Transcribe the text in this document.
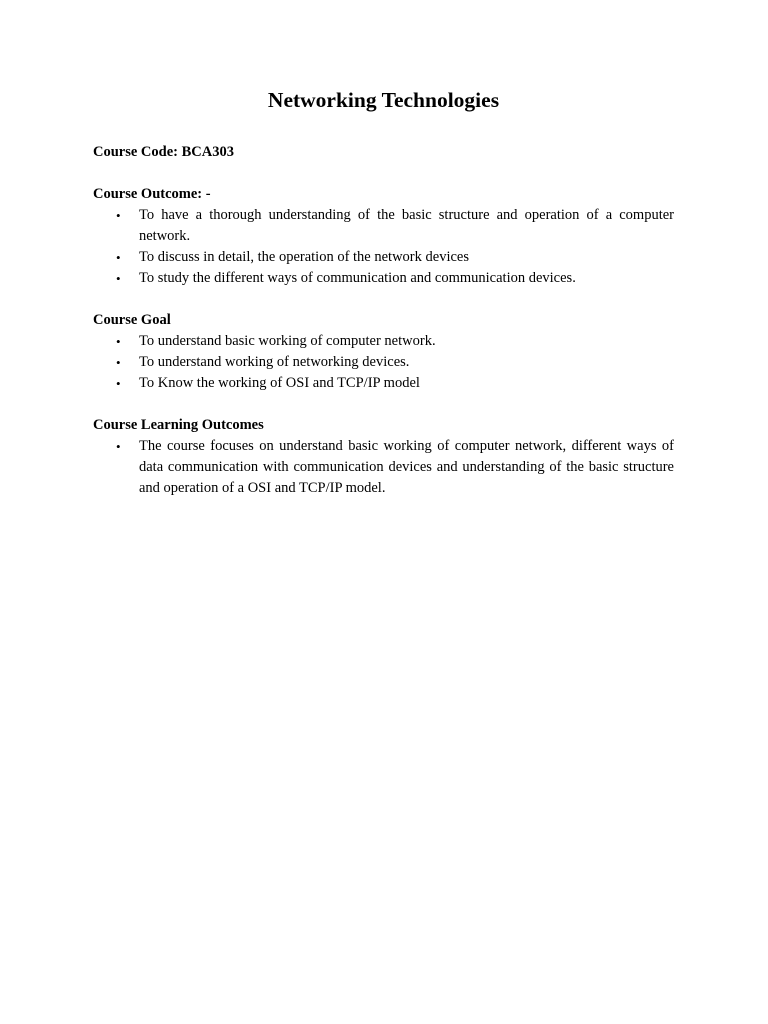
Networking Technologies
Course Code: BCA303
Course Outcome: -
• To have a thorough understanding of the basic structure and operation of a computer network.
• To discuss in detail, the operation of the network devices
• To study the different ways of communication and communication devices.
Course Goal
• To understand basic working of computer network.
• To understand working of networking devices.
• To Know the working of OSI and TCP/IP model
Course Learning Outcomes
• The course focuses on understand basic working of computer network, different ways of data communication with communication devices and understanding of the basic structure and operation of a OSI and TCP/IP model.
